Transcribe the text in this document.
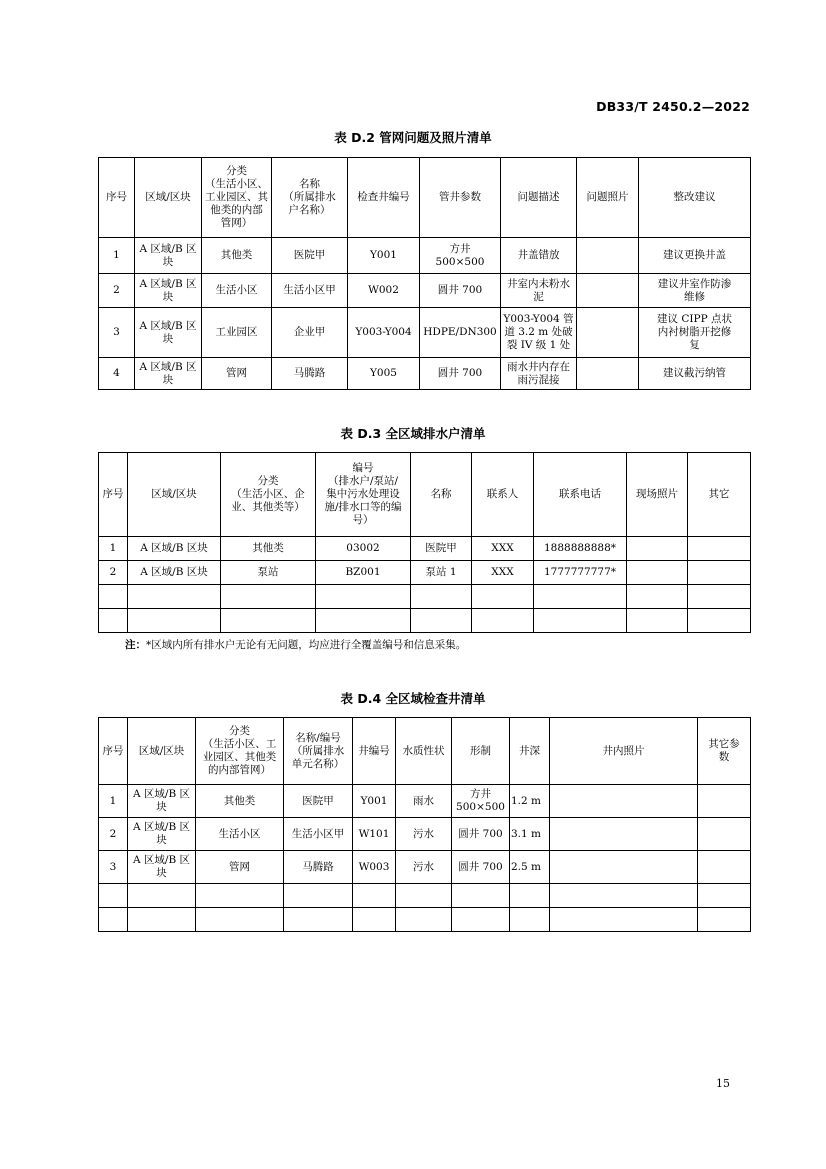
DB33/T 2450.2—2022
表 D.2 管网问题及照片清单
序号	区域/区块	分类
（生活小区、
工业园区、其
他类的内部
管网）	名称
（所属排水
户名称）	检查井编号	管井参数	问题描述	问题照片	整改建议
1	A 区域/B 区
块	其他类	医院甲	Y001	方井
500×500	井盖错放		建议更换井盖
2	A 区域/B 区
块	生活小区	生活小区甲	W002	圆井 700	井室内未粉水
泥		建议井室作防渗
维修
3	A 区域/B 区
块	工业园区	企业甲	Y003-Y004	HDPE/DN300	Y003-Y004 管
道 3.2 m 处破
裂 IV 级 1 处		建议 CIPP 点状
内衬树脂开挖修
复
4	A 区域/B 区
块	管网	马腾路	Y005	圆井 700	雨水井内存在
雨污混接		建议截污纳管
表 D.3 全区域排水户清单
序号	区域/区块	分类
（生活小区、企
业、其他类等）	编号
（排水户/泵站/
集中污水处理设
施/排水口等的编
号）	名称	联系人	联系电话	现场照片	其它
1	A 区域/B 区块	其他类	03002	医院甲	XXX	1888888888*		
2	A 区域/B 区块	泵站	BZ001	泵站 1	XXX	1777777777*		

注：*区域内所有排水户无论有无问题，均应进行全覆盖编号和信息采集。
表 D.4 全区域检查井清单
序号	区域/区块	分类
（生活小区、工
业园区、其他类
的内部管网）	名称/编号
（所属排水
单元名称）	井编号	水质性状	形制	井深	井内照片	其它参
数
1	A 区域/B 区
块	其他类	医院甲	Y001	雨水	方井
500×500	1.2 m		
2	A 区域/B 区
块	生活小区	生活小区甲	W101	污水	圆井 700	3.1 m		
3	A 区域/B 区
块	管网	马腾路	W003	污水	圆井 700	2.5 m		

15
